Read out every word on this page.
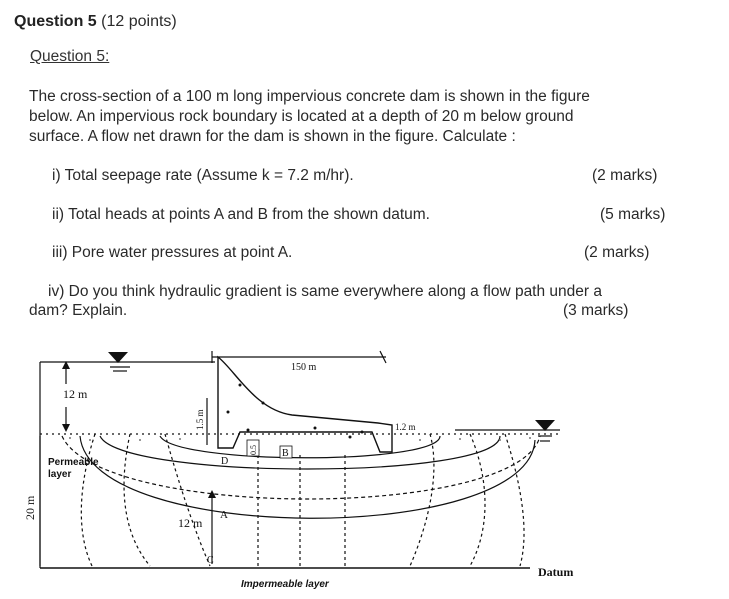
Question 5 (12 points)
Question 5:
The cross-section of a 100 m long impervious concrete dam is shown in the figure
below. An impervious rock boundary is located at a depth of 20 m below ground
surface. A flow net drawn for the dam is shown in the figure. Calculate :
i) Total seepage rate (Assume k = 7.2 m/hr).	(2 marks)
ii) Total heads at points A and B from the shown datum.	(5 marks)
iii) Pore water pressures at point A.	(2 marks)
iv) Do you think hydraulic gradient is same everywhere along a flow path under a
dam? Explain.	(3 marks)
150 m
12 m
1.5 m	1.2 m
0.5
12 m
20 m
Datum
A
B
C
D
Permeable
layer
Impermeable layer
